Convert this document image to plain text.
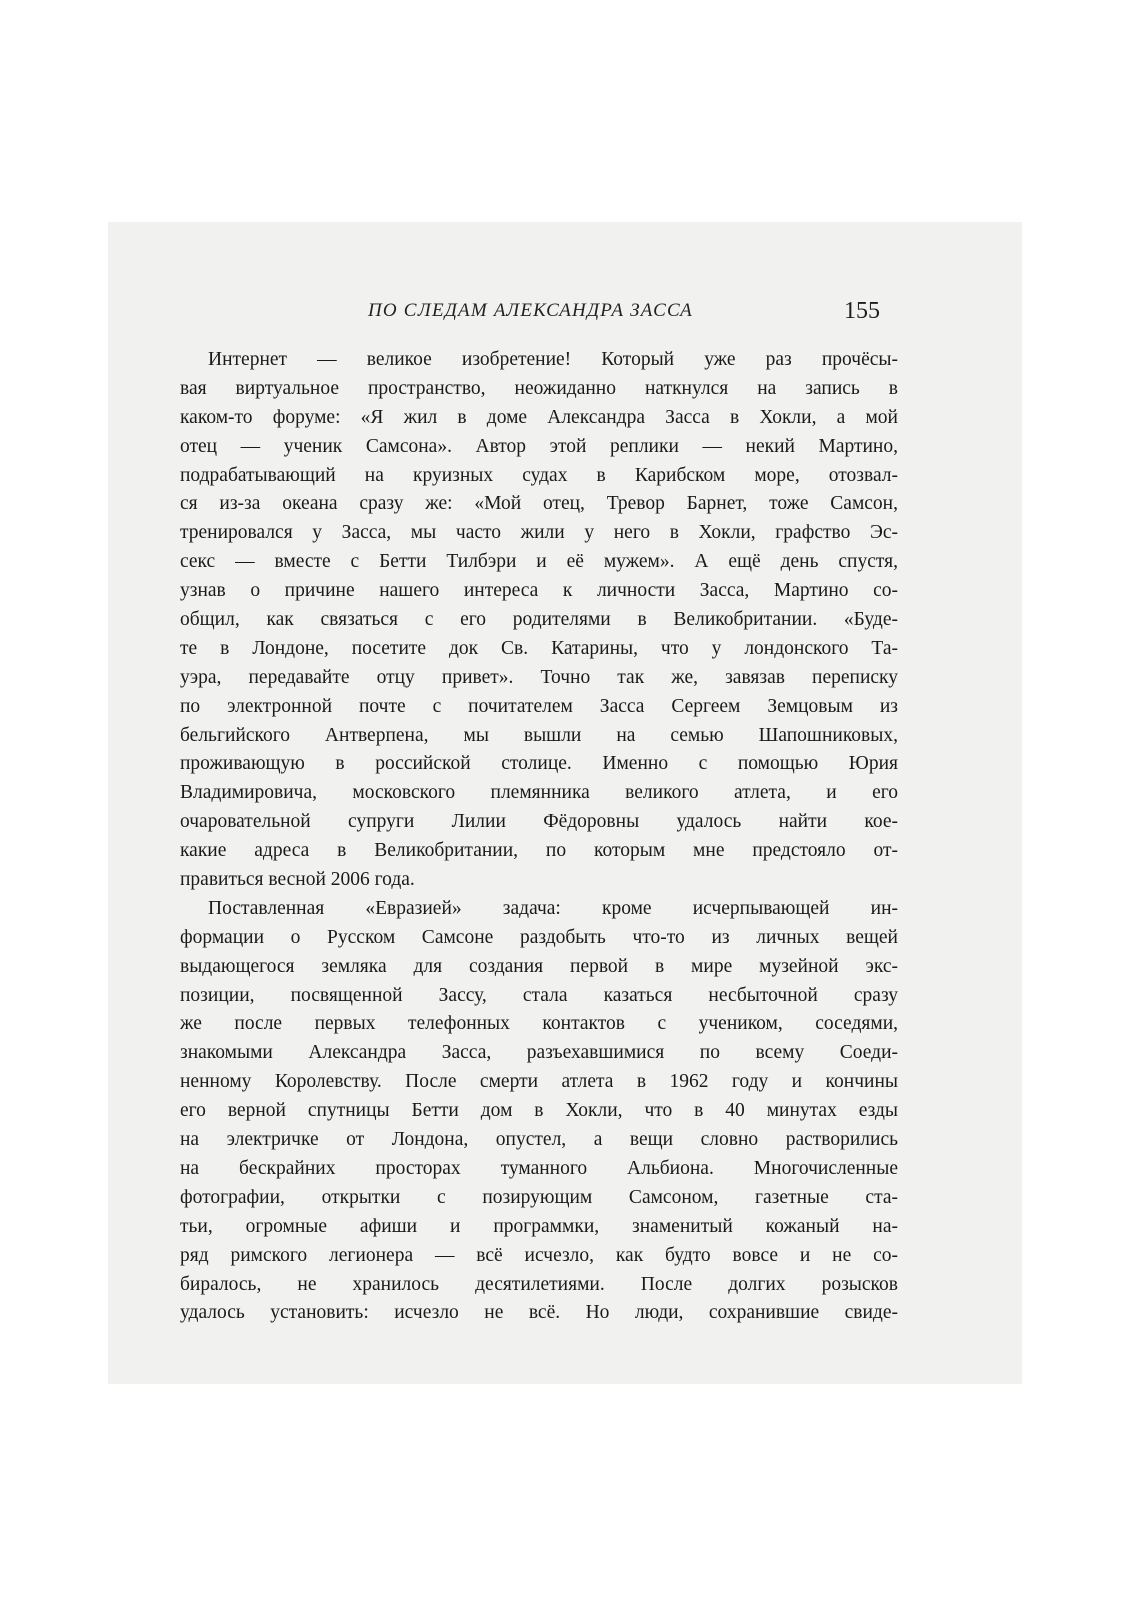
ПО СЛЕДАМ АЛЕКСАНДРА ЗАССА	155
Интернет — великое изобретение! Который уже раз прочёсы-
вая виртуальное пространство, неожиданно наткнулся на запись в
каком-то форуме: «Я жил в доме Александра Засса в Хокли, а мой
отец — ученик Самсона». Автор этой реплики — некий Мартино,
подрабатывающий на круизных судах в Карибском море, отозвал-
ся из-за океана сразу же: «Мой отец, Тревор Барнет, тоже Самсон,
тренировался у Засса, мы часто жили у него в Хокли, графство Эс-
секс — вместе с Бетти Тилбэри и её мужем». А ещё день спустя,
узнав о причине нашего интереса к личности Засса, Мартино со-
общил, как связаться с его родителями в Великобритании. «Буде-
те в Лондоне, посетите док Св. Катарины, что у лондонского Та-
уэра, передавайте отцу привет». Точно так же, завязав переписку
по электронной почте с почитателем Засса Сергеем Земцовым из
бельгийского Антверпена, мы вышли на семью Шапошниковых,
проживающую в российской столице. Именно с помощью Юрия
Владимировича, московского племянника великого атлета, и его
очаровательной супруги Лилии Фёдоровны удалось найти кое-
какие адреса в Великобритании, по которым мне предстояло от-
правиться весной 2006 года.
Поставленная «Евразией» задача: кроме исчерпывающей ин-
формации о Русском Самсоне раздобыть что-то из личных вещей
выдающегося земляка для создания первой в мире музейной экс-
позиции, посвященной Зассу, стала казаться несбыточной сразу
же после первых телефонных контактов с учеником, соседями,
знакомыми Александра Засса, разъехавшимися по всему Соеди-
ненному Королевству. После смерти атлета в 1962 году и кончины
его верной спутницы Бетти дом в Хокли, что в 40 минутах езды
на электричке от Лондона, опустел, а вещи словно растворились
на бескрайних просторах туманного Альбиона. Многочисленные
фотографии, открытки с позирующим Самсоном, газетные ста-
тьи, огромные афиши и программки, знаменитый кожаный на-
ряд римского легионера — всё исчезло, как будто вовсе и не со-
биралось, не хранилось десятилетиями. После долгих розысков
удалось установить: исчезло не всё. Но люди, сохранившие свиде-
